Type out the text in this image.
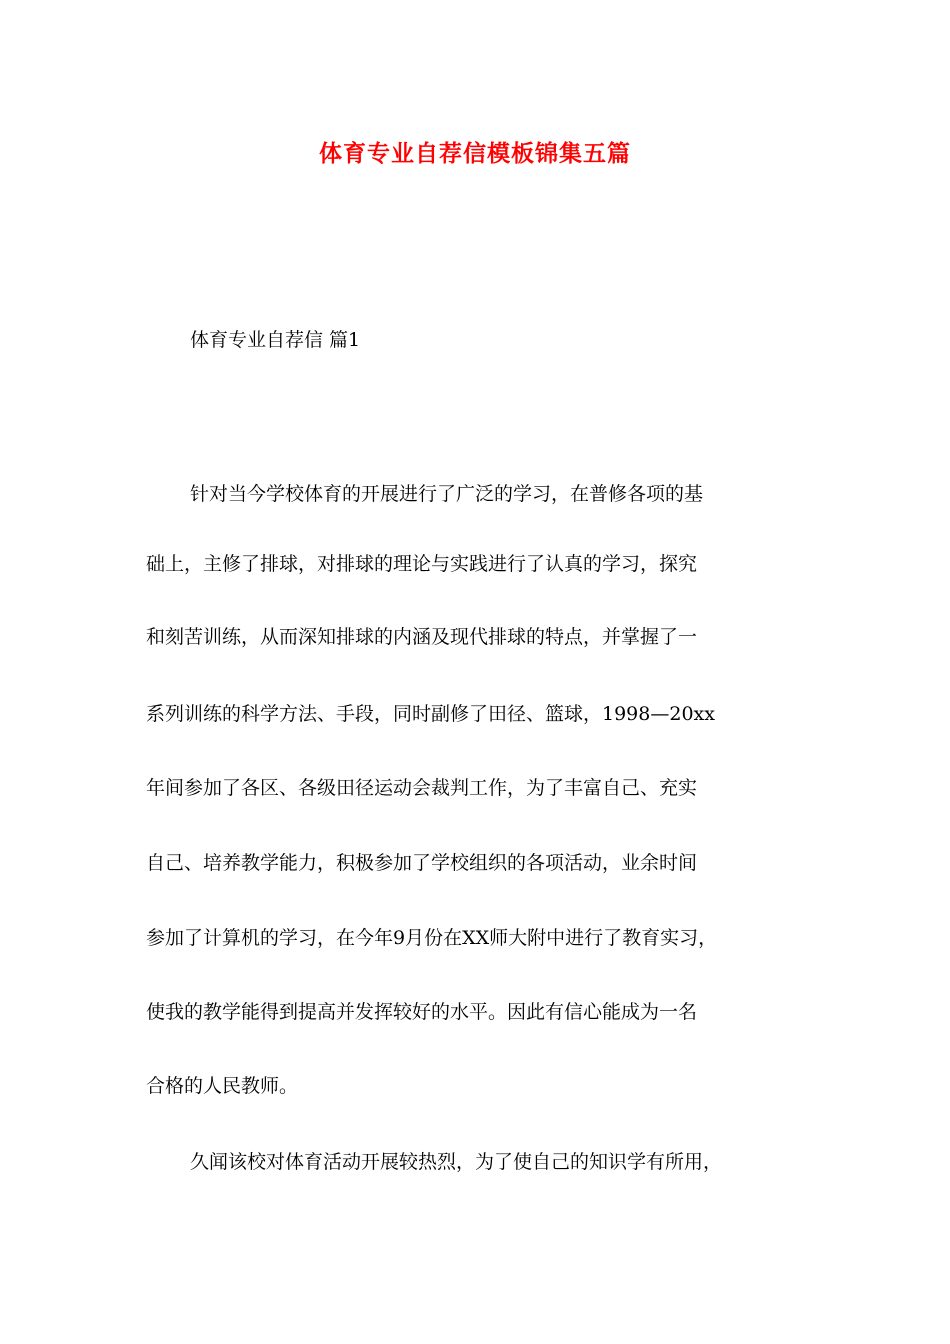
体育专业自荐信模板锦集五篇
体育专业自荐信 篇1
针对当今学校体育的开展进行了广泛的学习，在普修各项的基
础上，主修了排球，对排球的理论与实践进行了认真的学习，探究
和刻苦训练，从而深知排球的内涵及现代排球的特点，并掌握了一
系列训练的科学方法、手段，同时副修了田径、篮球，1998—20xx
年间参加了各区、各级田径运动会裁判工作，为了丰富自己、充实
自己、培养教学能力，积极参加了学校组织的各项活动，业余时间
参加了计算机的学习，在今年9月份在XX师大附中进行了教育实习，
使我的教学能得到提高并发挥较好的水平。因此有信心能成为一名
合格的人民教师。
久闻该校对体育活动开展较热烈，为了使自己的知识学有所用，
